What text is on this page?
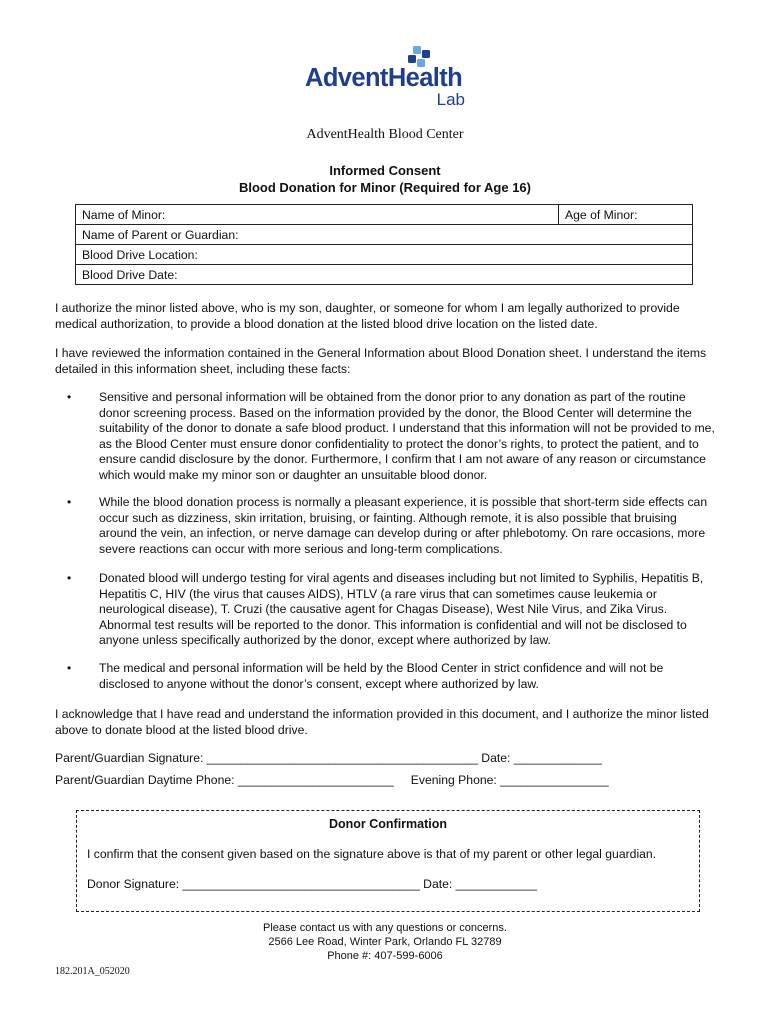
AdventHealth
Lab
AdventHealth Blood Center
Informed Consent
Blood Donation for Minor (Required for Age 16)
Name of Minor:	Age of Minor:
Name of Parent or Guardian:
Blood Drive Location:
Blood Drive Date:
I authorize the minor listed above, who is my son, daughter, or someone for whom I am legally authorized to provide medical authorization, to provide a blood donation at the listed blood drive location on the listed date.
I have reviewed the information contained in the General Information about Blood Donation sheet. I understand the items detailed in this information sheet, including these facts:
• Sensitive and personal information will be obtained from the donor prior to any donation as part of the routine donor screening process. Based on the information provided by the donor, the Blood Center will determine the suitability of the donor to donate a safe blood product. I understand that this information will not be provided to me, as the Blood Center must ensure donor confidentiality to protect the donor’s rights, to protect the patient, and to ensure candid disclosure by the donor. Furthermore, I confirm that I am not aware of any reason or circumstance which would make my minor son or daughter an unsuitable blood donor.
• While the blood donation process is normally a pleasant experience, it is possible that short-term side effects can occur such as dizziness, skin irritation, bruising, or fainting. Although remote, it is also possible that bruising around the vein, an infection, or nerve damage can develop during or after phlebotomy. On rare occasions, more severe reactions can occur with more serious and long-term complications.
• Donated blood will undergo testing for viral agents and diseases including but not limited to Syphilis, Hepatitis B, Hepatitis C, HIV (the virus that causes AIDS), HTLV (a rare virus that can sometimes cause leukemia or neurological disease), T. Cruzi (the causative agent for Chagas Disease), West Nile Virus, and Zika Virus. Abnormal test results will be reported to the donor. This information is confidential and will not be disclosed to anyone unless specifically authorized by the donor, except where authorized by law.
• The medical and personal information will be held by the Blood Center in strict confidence and will not be disclosed to anyone without the donor’s consent, except where authorized by law.
I acknowledge that I have read and understand the information provided in this document, and I authorize the minor listed above to donate blood at the listed blood drive.
Parent/Guardian Signature: ________________________________________ Date: _____________
Parent/Guardian Daytime Phone: _______________________     Evening Phone: ________________
Donor Confirmation
I confirm that the consent given based on the signature above is that of my parent or other legal guardian.
Donor Signature: ___________________________________ Date: ____________
Please contact us with any questions or concerns.
2566 Lee Road, Winter Park, Orlando FL 32789
Phone #: 407-599-6006
182.201A_052020
